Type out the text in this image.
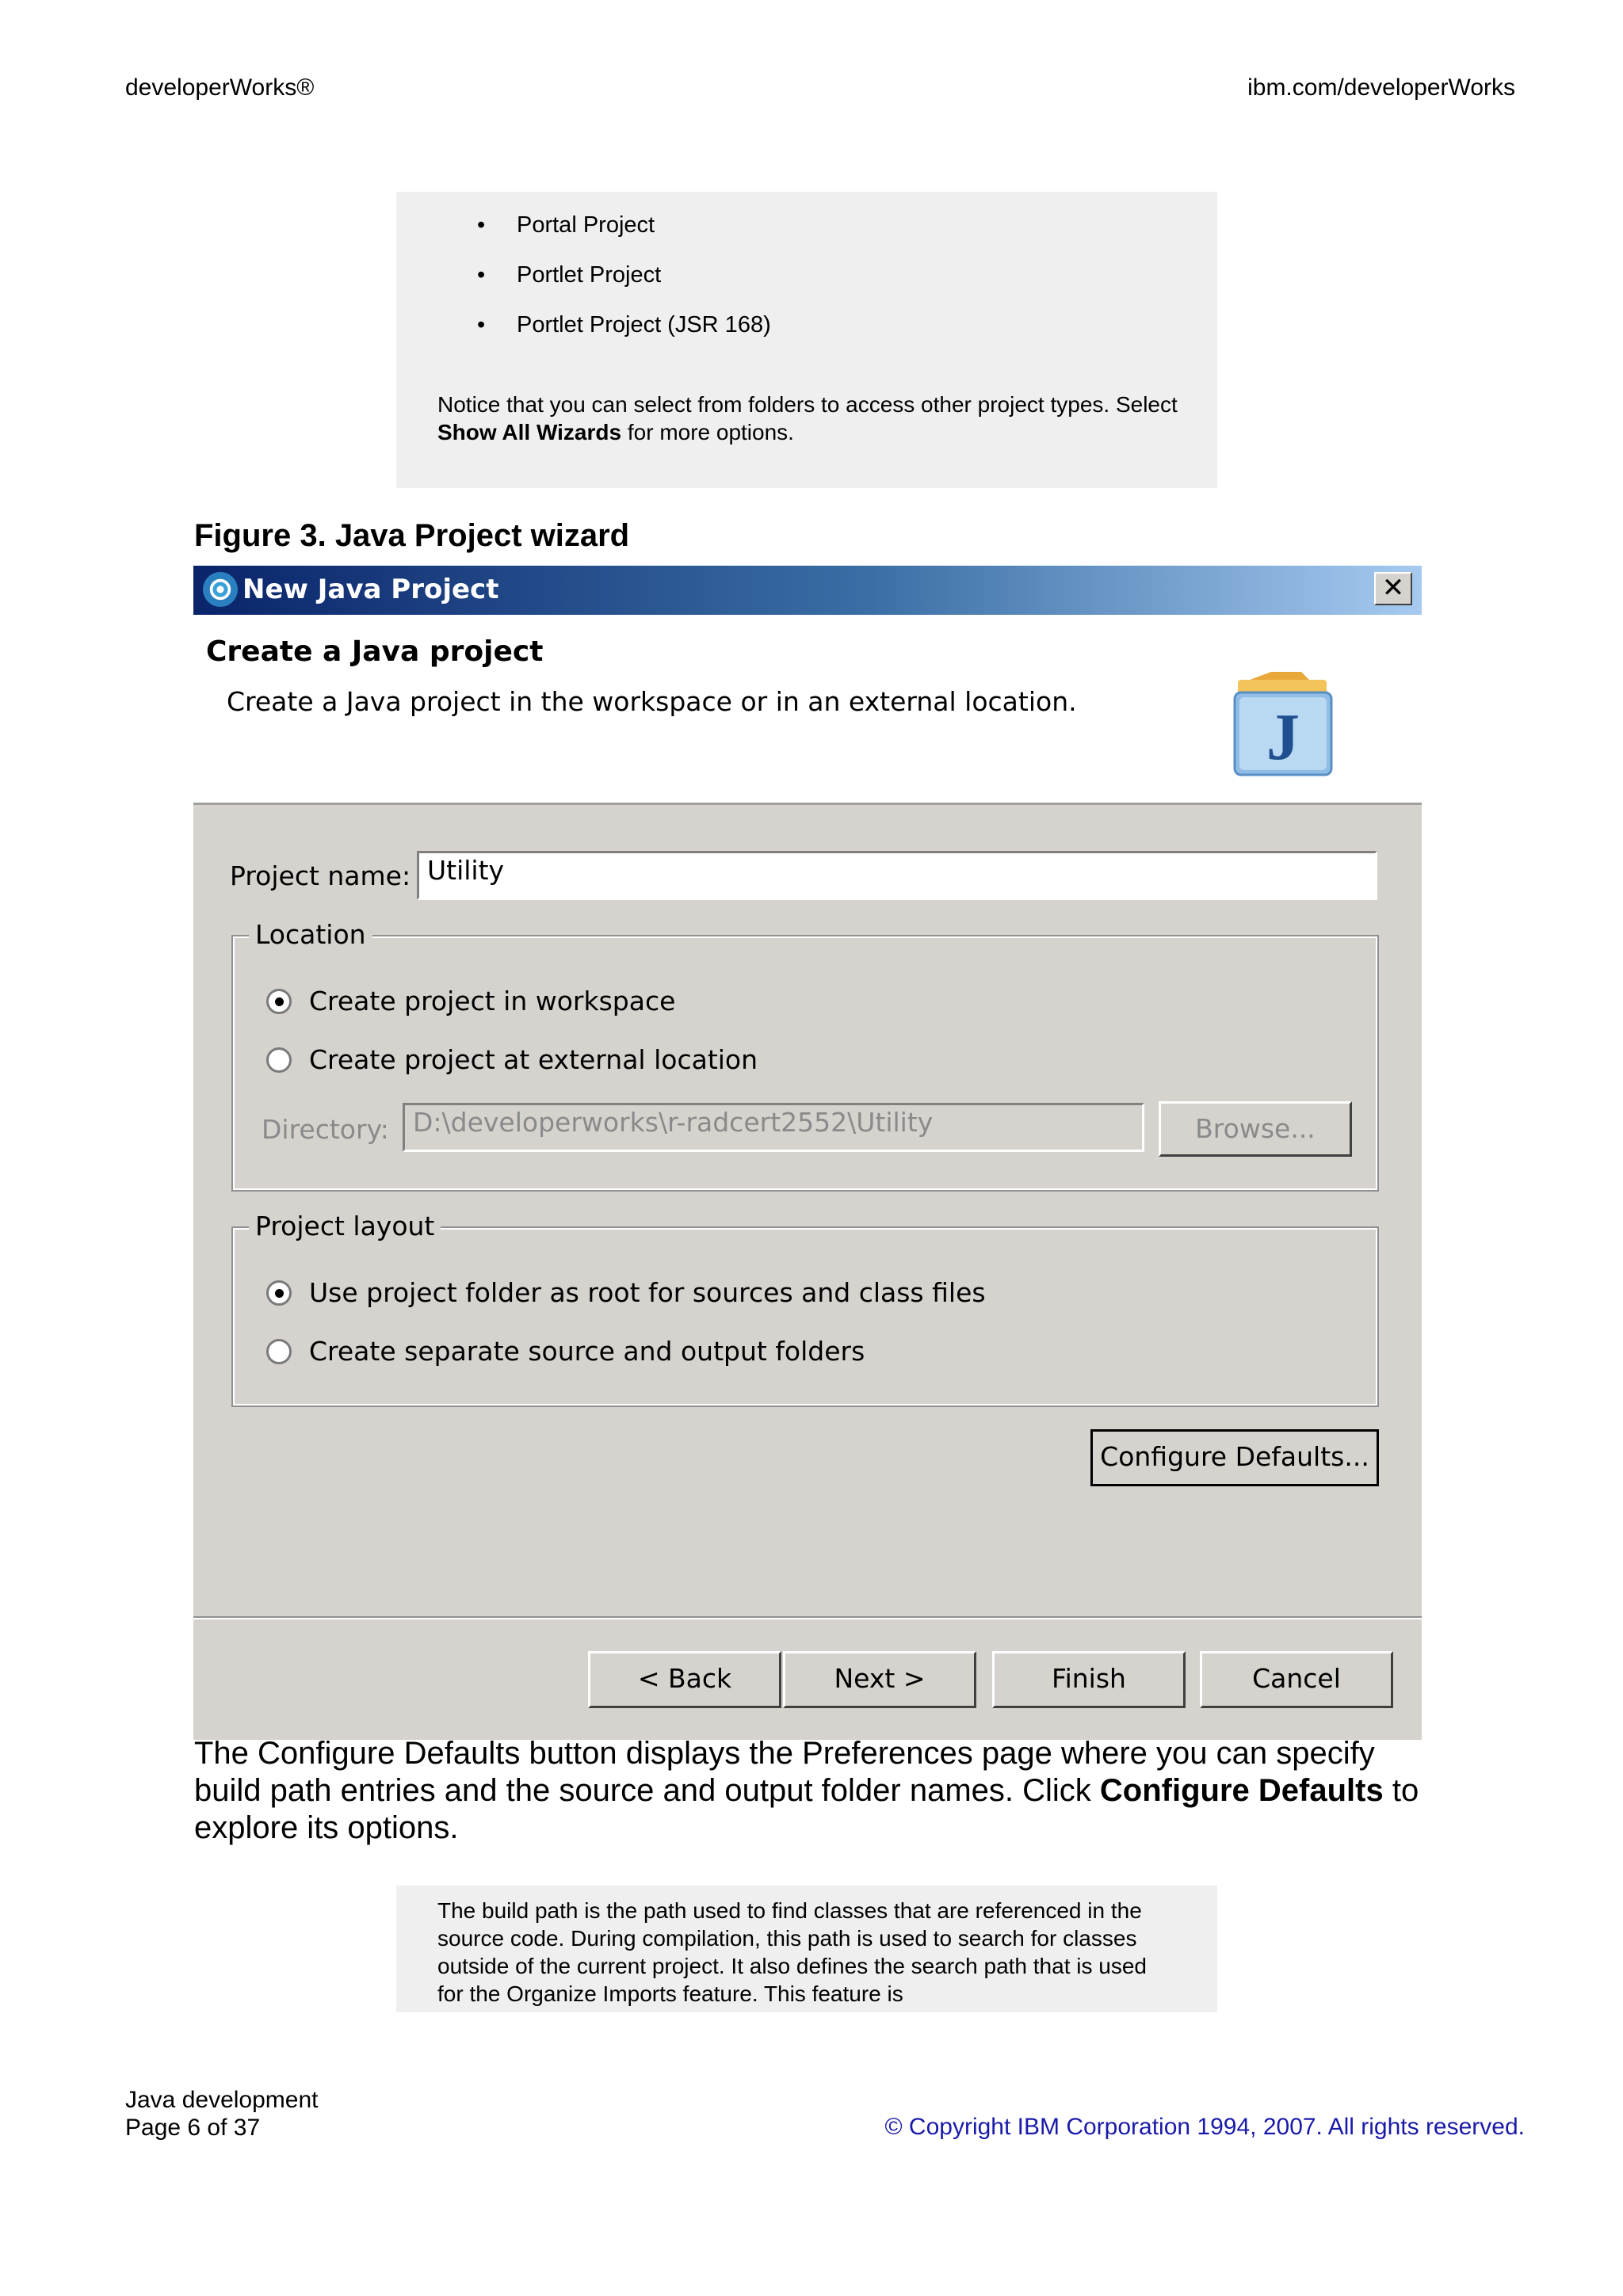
developerWorks®	ibm.com/developerWorks
• Portal Project
• Portlet Project
• Portlet Project (JSR 168)
Notice that you can select from folders to access other project types. Select Show All Wizards for more options.
Figure 3. Java Project wizard
New Java Project	✕
Create a Java project
Create a Java project in the workspace or in an external location.	J
Project name: Utility
Location
Create project in workspace
Create project at external location
Directory: D:\developerworks\r-radcert2552\Utility	Browse...
Project layout
Use project folder as root for sources and class files
Create separate source and output folders
Configure Defaults...
< Back	Next >	Finish	Cancel
The Configure Defaults button displays the Preferences page where you can specify build path entries and the source and output folder names. Click Configure Defaults to explore its options.
The build path is the path used to find classes that are referenced in the source code. During compilation, this path is used to search for classes outside of the current project. It also defines the search path that is used for the Organize Imports feature. This feature is
Java development
Page 6 of 37	© Copyright IBM Corporation 1994, 2007. All rights reserved.
